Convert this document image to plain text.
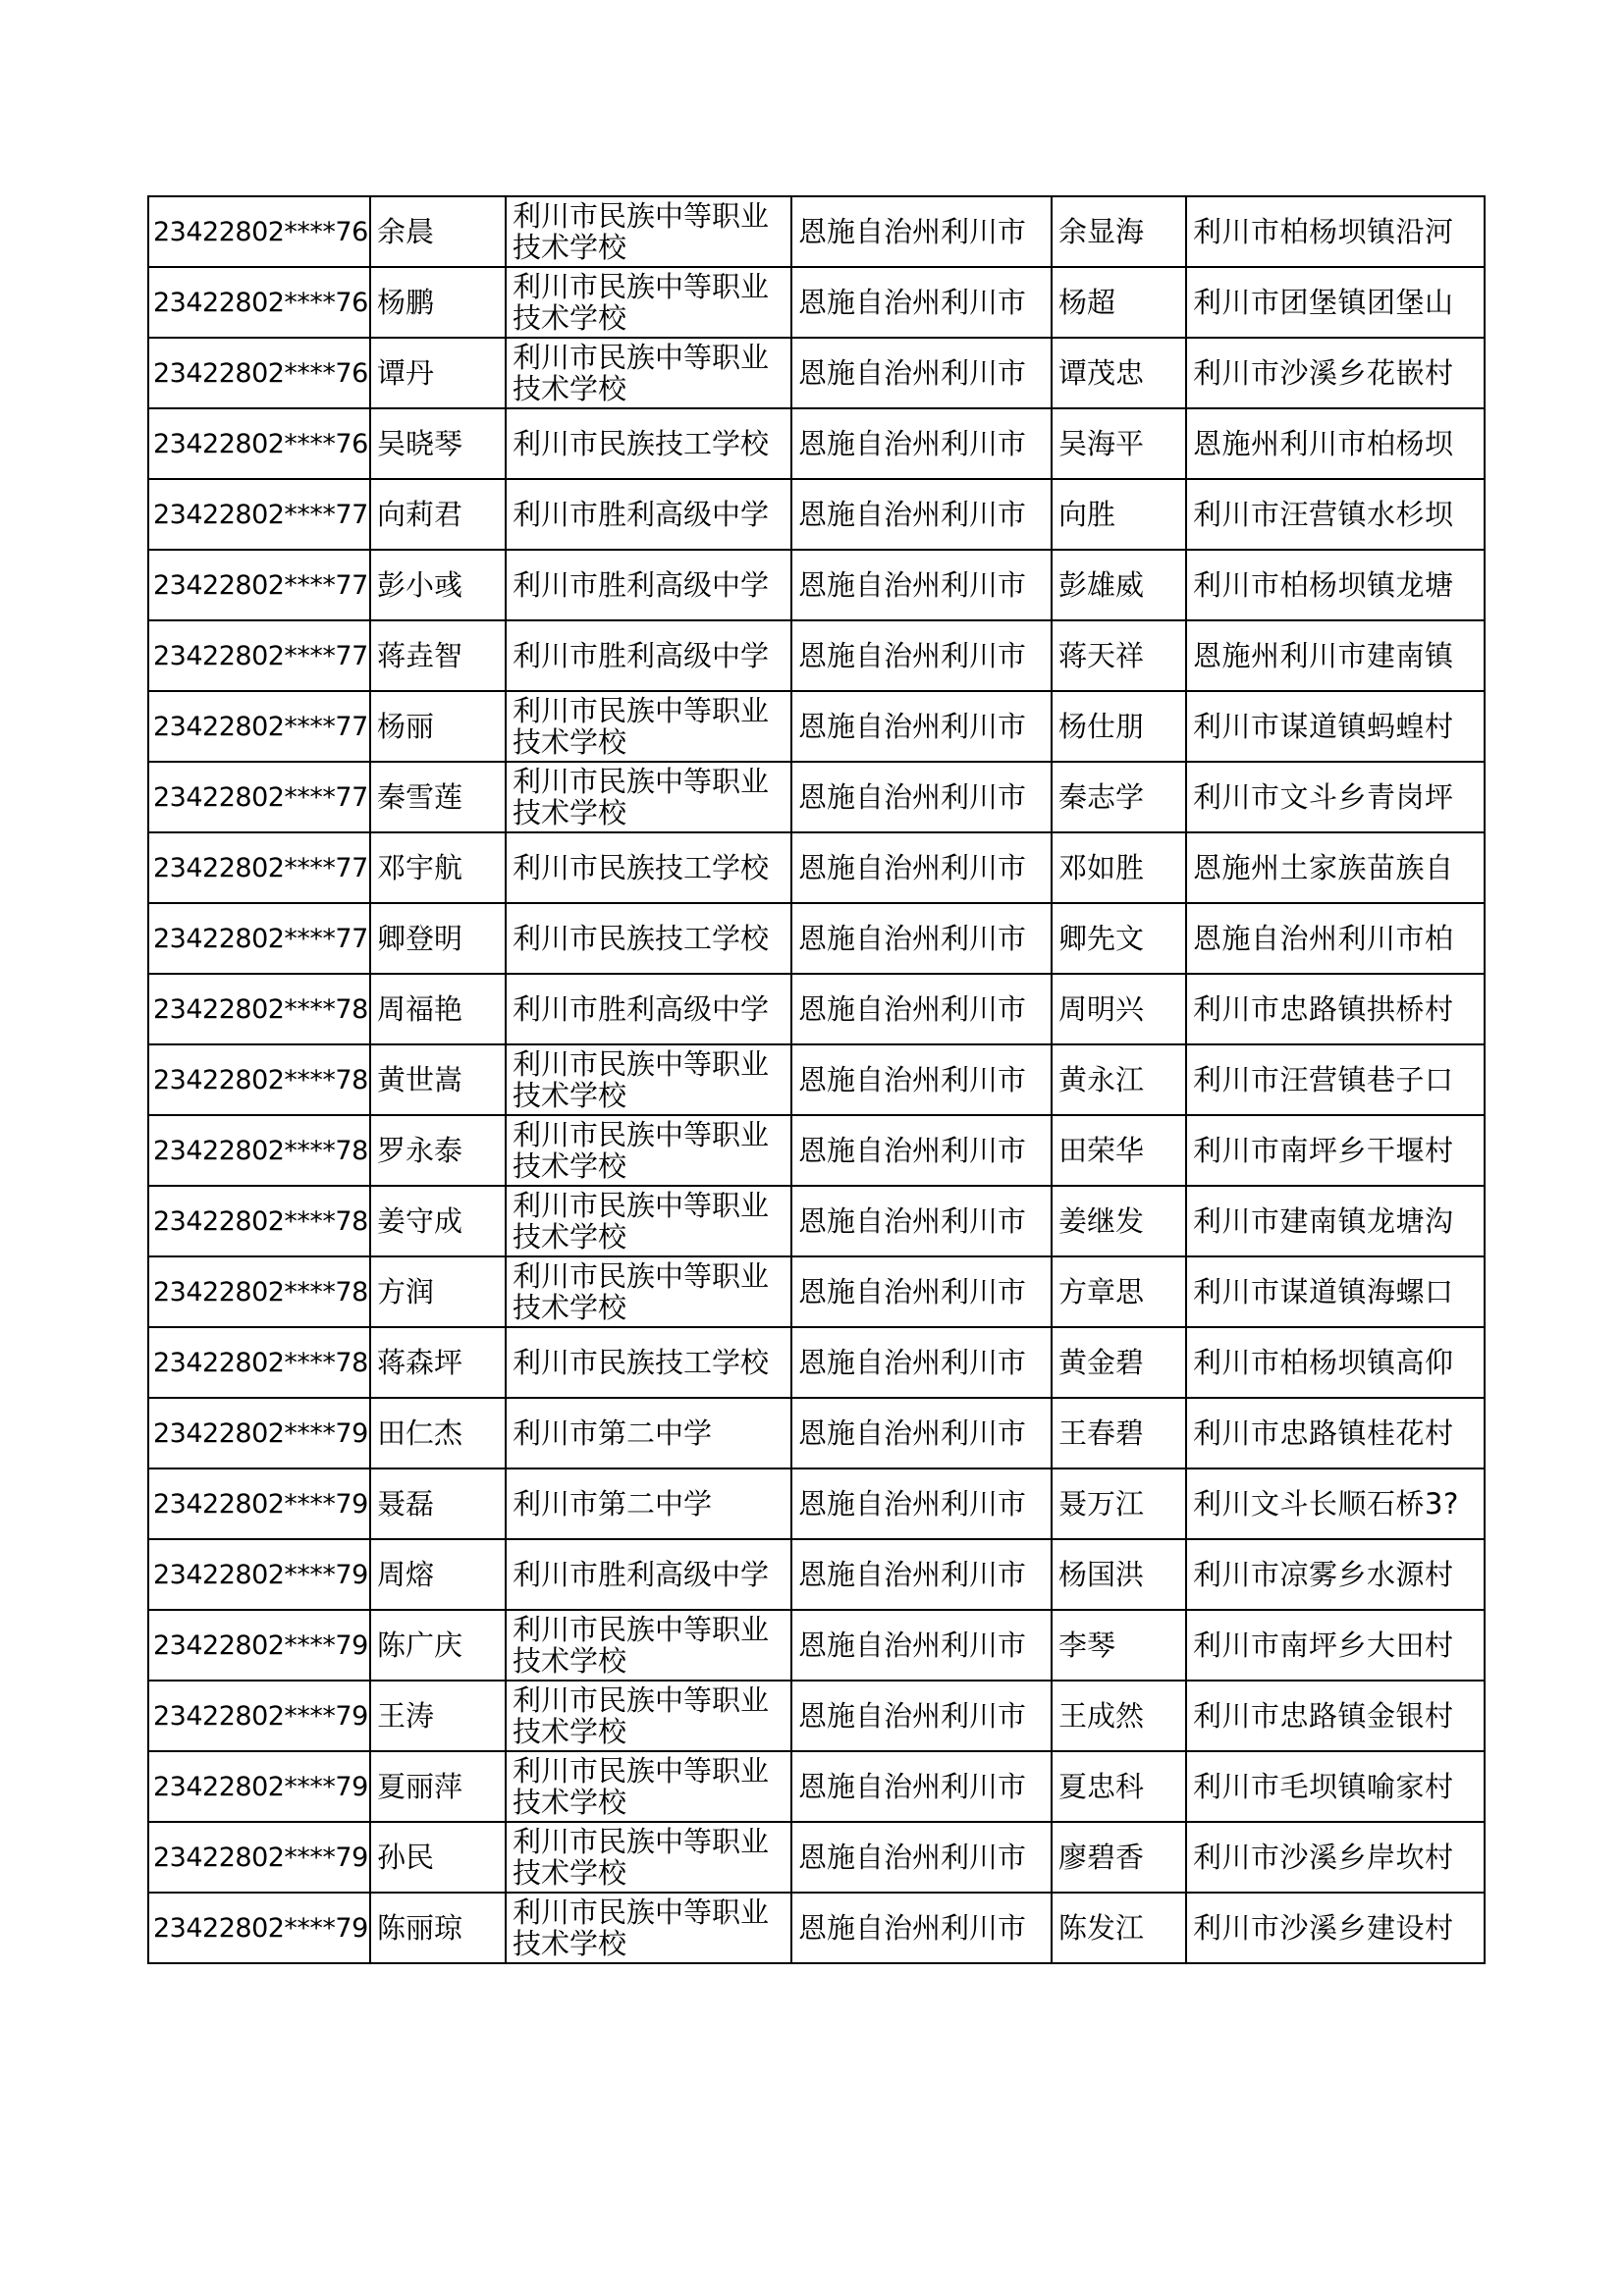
23422802****76	余晨	利川市民族中等职业技术学校	恩施自治州利川市	余显海	利川市柏杨坝镇沿河
23422802****76	杨鹏	利川市民族中等职业技术学校	恩施自治州利川市	杨超	利川市团堡镇团堡山
23422802****76	谭丹	利川市民族中等职业技术学校	恩施自治州利川市	谭茂忠	利川市沙溪乡花嵌村
23422802****76	吴晓琴	利川市民族技工学校	恩施自治州利川市	吴海平	恩施州利川市柏杨坝
23422802****77	向莉君	利川市胜利高级中学	恩施自治州利川市	向胜	利川市汪营镇水杉坝
23422802****77	彭小彧	利川市胜利高级中学	恩施自治州利川市	彭雄威	利川市柏杨坝镇龙塘
23422802****77	蒋垚智	利川市胜利高级中学	恩施自治州利川市	蒋天祥	恩施州利川市建南镇
23422802****77	杨丽	利川市民族中等职业技术学校	恩施自治州利川市	杨仕朋	利川市谋道镇蚂蝗村
23422802****77	秦雪莲	利川市民族中等职业技术学校	恩施自治州利川市	秦志学	利川市文斗乡青岗坪
23422802****77	邓宇航	利川市民族技工学校	恩施自治州利川市	邓如胜	恩施州土家族苗族自
23422802****77	卿登明	利川市民族技工学校	恩施自治州利川市	卿先文	恩施自治州利川市柏
23422802****78	周福艳	利川市胜利高级中学	恩施自治州利川市	周明兴	利川市忠路镇拱桥村
23422802****78	黄世嵩	利川市民族中等职业技术学校	恩施自治州利川市	黄永江	利川市汪营镇巷子口
23422802****78	罗永泰	利川市民族中等职业技术学校	恩施自治州利川市	田荣华	利川市南坪乡干堰村
23422802****78	姜守成	利川市民族中等职业技术学校	恩施自治州利川市	姜继发	利川市建南镇龙塘沟
23422802****78	方润	利川市民族中等职业技术学校	恩施自治州利川市	方章思	利川市谋道镇海螺口
23422802****78	蒋森坪	利川市民族技工学校	恩施自治州利川市	黄金碧	利川市柏杨坝镇高仰
23422802****79	田仁杰	利川市第二中学	恩施自治州利川市	王春碧	利川市忠路镇桂花村
23422802****79	聂磊	利川市第二中学	恩施自治州利川市	聂万江	利川文斗长顺石桥3?
23422802****79	周熔	利川市胜利高级中学	恩施自治州利川市	杨国洪	利川市凉雾乡水源村
23422802****79	陈广庆	利川市民族中等职业技术学校	恩施自治州利川市	李琴	利川市南坪乡大田村
23422802****79	王涛	利川市民族中等职业技术学校	恩施自治州利川市	王成然	利川市忠路镇金银村
23422802****79	夏丽萍	利川市民族中等职业技术学校	恩施自治州利川市	夏忠科	利川市毛坝镇喻家村
23422802****79	孙民	利川市民族中等职业技术学校	恩施自治州利川市	廖碧香	利川市沙溪乡岸坎村
23422802****79	陈丽琼	利川市民族中等职业技术学校	恩施自治州利川市	陈发江	利川市沙溪乡建设村
